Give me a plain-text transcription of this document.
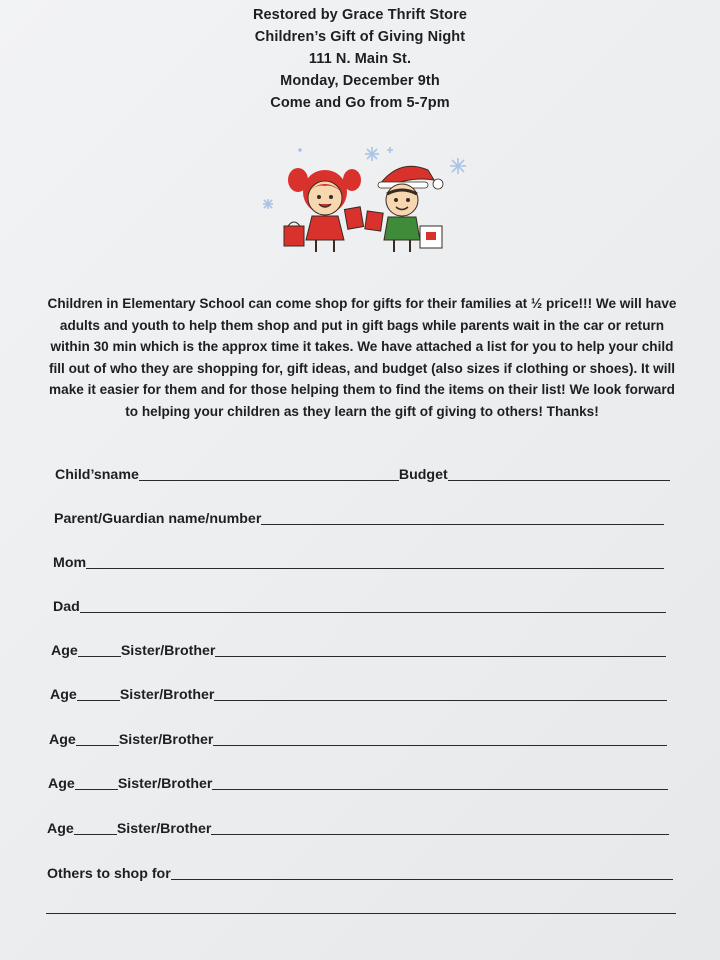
Restored by Grace Thrift Store
Children’s Gift of Giving Night
111 N. Main St.
Monday, December 9th
Come and Go from 5-7pm
Children in Elementary School can come shop for gifts for their families at ½ price!!! We will have adults and youth to help them shop and put in gift bags while parents wait in the car or return within 30 min which is the approx time it takes. We have attached a list for you to help your child fill out of who they are shopping for, gift ideas, and budget (also sizes if clothing or shoes). It will make it easier for them and for those helping them to find the items on their list! We look forward to helping your children as they learn the gift of giving to others! Thanks!
Child’sname	Budget
Parent/Guardian name/number
Mom
Dad
Age	Sister/Brother
Age	Sister/Brother
Age	Sister/Brother
Age	Sister/Brother
Age	Sister/Brother
Others to shop for
